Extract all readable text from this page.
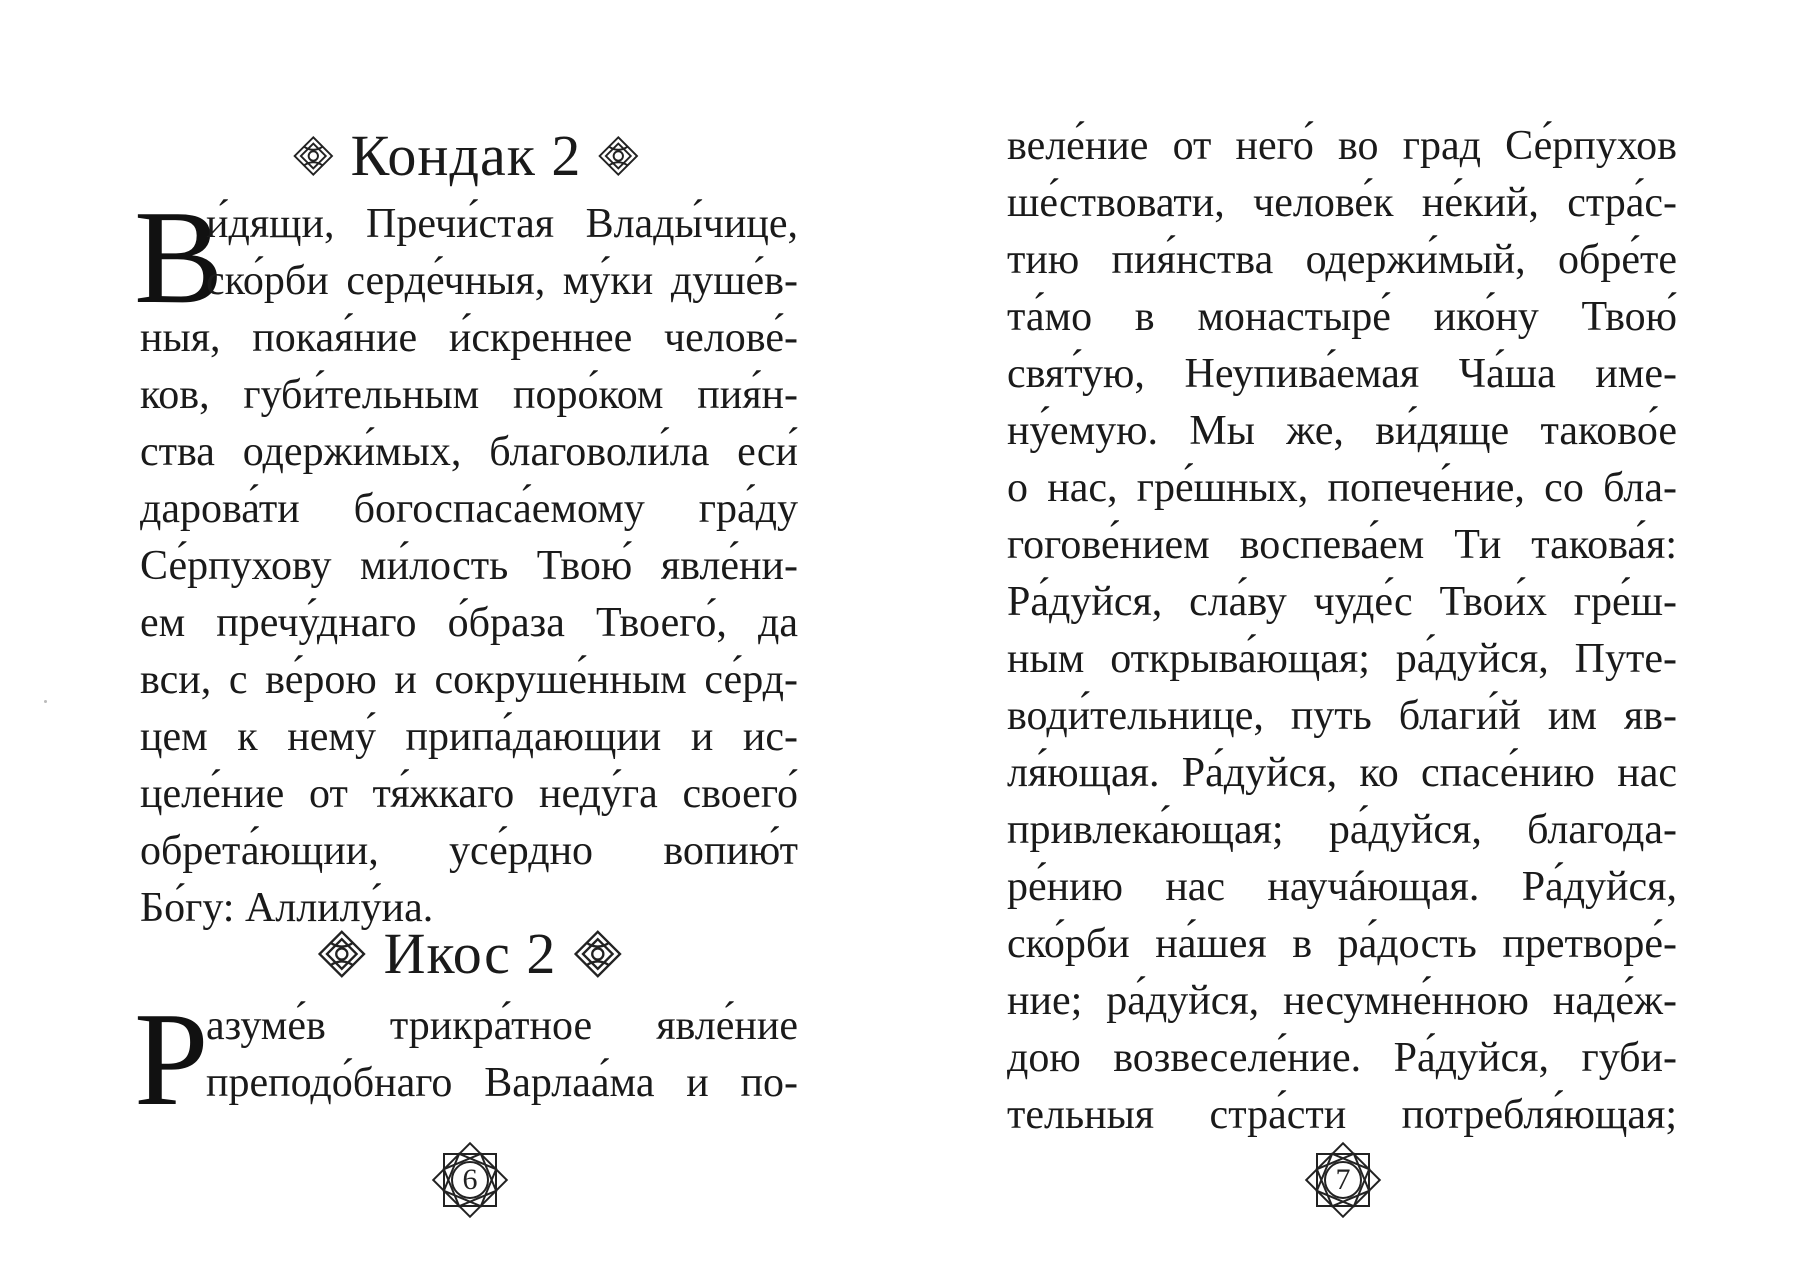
Кондак 2
В
и́дящи, Пречи́стая Влады́чице,
ско́рби серде́чныя, му́ки душе́в-
ныя, покая́ние и́скреннее челове́-
ков, губи́тельным поро́ком пия́н-
ства одержи́мых, благоволи́ла еси́
дарова́ти богоспаса́емому гра́ду
Се́рпухову ми́лость Твою́ явле́ни-
ем пречу́днаго о́браза Твоего́, да
вси, с ве́рою и сокруше́нным се́рд-
цем к нему́ припа́дающии и ис-
целе́ние от тя́жкаго неду́га своего́
обрета́ющии, усе́рдно вопию́т
Бо́гу: Аллилу́иа.
Икос 2
Р
азуме́в трикра́тное явле́ние
преподо́бнаго Варлаа́ма и по-
6
веле́ние от него́ во град Се́рпухов
ше́ствовати, челове́к не́кий, стра́с-
тию пия́нства одержи́мый, обре́те
та́мо в монастыре́ ико́ну Твою́
свят́ую, Неупива́емая Ча́ша име-
ну́емую. Мы же, ви́дяще таково́е
о нас, гре́шных, попече́ние, со бла-
гогове́нием воспева́ем Ти такова́я:
Ра́дуйся, сла́ву чуде́с Твои́х гре́ш-
ным открыва́ющая; ра́дуйся, Путе-
води́тельнице, путь благи́й им яв-
ля́ющая. Ра́дуйся, ко спасе́нию нас
привлека́ющая; ра́дуйся, благода-
ре́нию нас научáющая. Ра́дуйся,
ско́рби на́шея в ра́дость претворе́-
ние; ра́дуйся, несумне́нною наде́ж-
дою возвеселе́ние. Ра́дуйся, губи-
тельныя стра́сти потребля́ющая;
7
